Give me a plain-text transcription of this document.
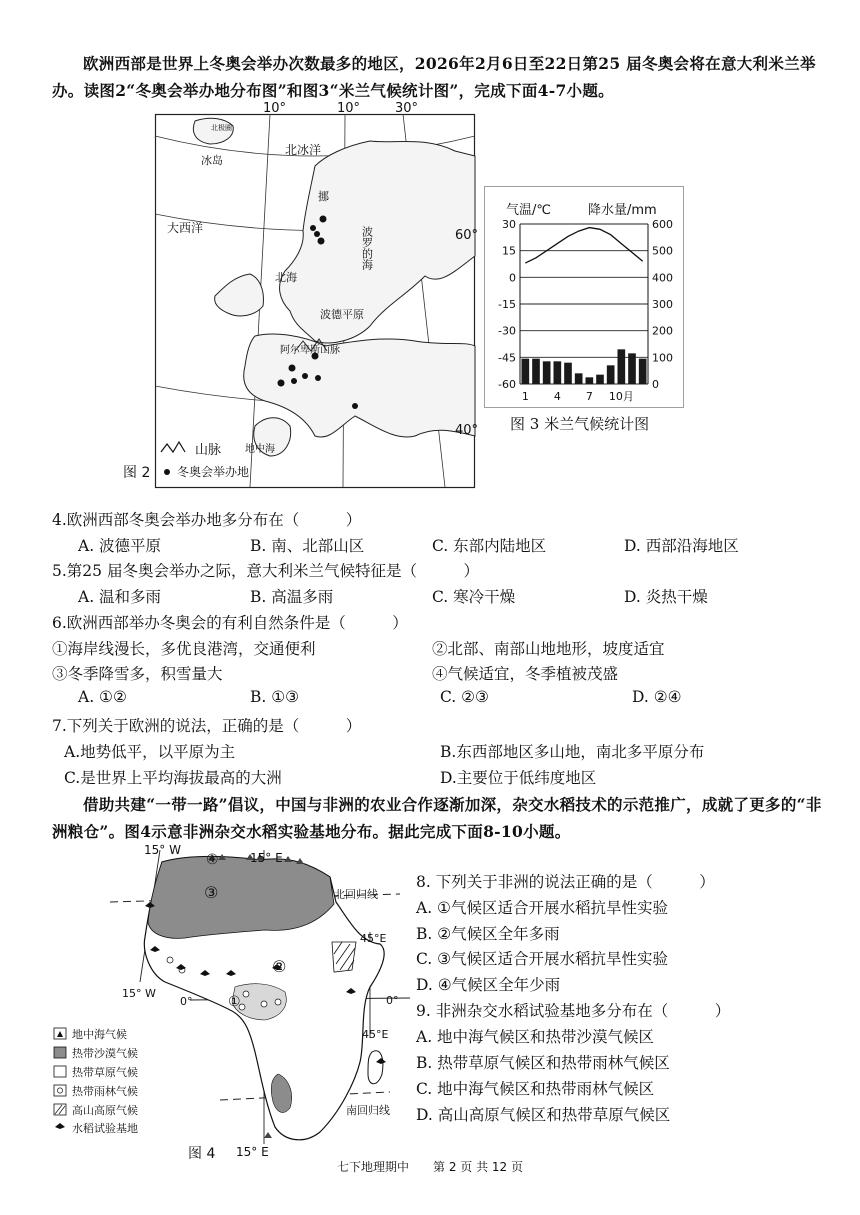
欧洲西部是世界上冬奥会举办次数最多的地区，2026年2月6日至22日第25 届冬奥会将在意大利米兰举办。读图2“冬奥会举办地分布图”和图3“米兰气候统计图”，完成下面4-7小题。
10°	10°	30°
北极圈
北冰洋
冰岛
挪
大西洋	波罗的海
北海
波德平原
阿尔卑斯山脉
地中海
60°
40°
山脉
冬奥会举办地
图 2
气温/℃	降水量/mm
30	600
15	500
0	400
-15	300
-30	200
-45	100
-60	0
1 4 7 10月
图 3 米兰气候统计图
4.欧洲西部冬奥会举办地多分布在（　　　）
A. 波德平原	B. 南、北部山区	C. 东部内陆地区	D. 西部沿海地区
5.第25 届冬奥会举办之际，意大利米兰气候特征是（　　　）
A. 温和多雨	B. 高温多雨	C. 寒冷干燥	D. 炎热干燥
6.欧洲西部举办冬奥会的有利自然条件是（　　　）
①海岸线漫长，多优良港湾，交通便利	②北部、南部山地地形，坡度适宜
③冬季降雪多，积雪量大	④气候适宜，冬季植被茂盛
A. ①②	B. ①③	C. ②③	D. ②④
7.下列关于欧洲的说法，正确的是（　　　）
A.地势低平，以平原为主	B.东西部地区多山地，南北多平原分布
C.是世界上平均海拔最高的大洲	D.主要位于低纬度地区
借助共建“一带一路”倡议，中国与非洲的农业合作逐渐加深，杂交水稻技术的示范推广，成就了更多的“非洲粮仓”。图4示意非洲杂交水稻实验基地分布。据此完成下面8-10小题。
15° W
15° E
④
③	北回归线
45°E
②
15° W
0°	①	0°
45°E
南回归线
15° E
地中海气候
热带沙漠气候
热带草原气候
热带雨林气候
高山高原气候
水稻试验基地
图 4
8. 下列关于非洲的说法正确的是（　　　）
A. ①气候区适合开展水稻抗旱性实验
B. ②气候区全年多雨
C. ③气候区适合开展水稻抗旱性实验
D. ④气候区全年少雨
9. 非洲杂交水稻试验基地多分布在（　　　）
A. 地中海气候区和热带沙漠气候区
B. 热带草原气候区和热带雨林气候区
C. 地中海气候区和热带雨林气候区
D. 高山高原气候区和热带草原气候区
七下地理期中　　第 2 页 共 12 页
